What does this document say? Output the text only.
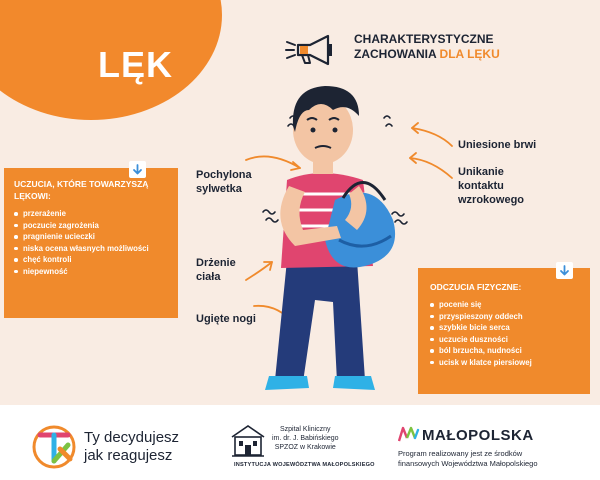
LĘK
CHARAKTERYSTYCZNE
ZACHOWANIA DLA LĘKU
UCZUCIA, KTÓRE TOWARZYSZĄ LĘKOWI:
przerażenie
poczucie zagrożenia
pragnienie ucieczki
niska ocena własnych możliwości
chęć kontroli
niepewność
ODCZUCIA FIZYCZNE:
pocenie się
przyspieszony oddech
szybkie bicie serca
uczucie duszności
ból brzucha, nudności
ucisk w klatce piersiowej
Pochylona sylwetka
Drżenie ciała
Ugięte nogi
Uniesione brwi
Unikanie kontaktu wzrokowego
Ty decydujesz
jak reagujesz
Szpital Kliniczny
im. dr. J. Babińskiego
SPZOZ w Krakowie
INSTYTUCJA WOJEWÓDZTWA MAŁOPOLSKIEGO
MAŁOPOLSKA
Program realizowany jest ze środków
finansowych Województwa Małopolskiego
